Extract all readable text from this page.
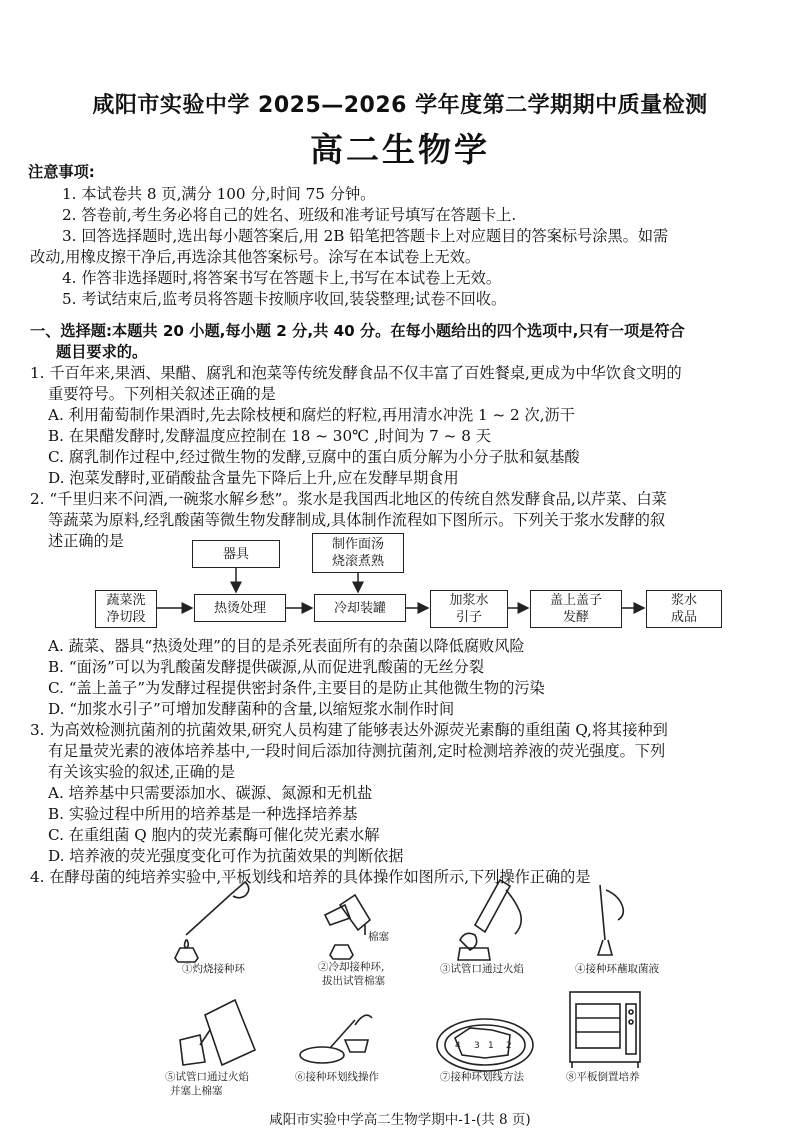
咸阳市实验中学 2025—2026 学年度第二学期期中质量检测
高二生物学
注意事项:
1. 本试卷共 8 页,满分 100 分,时间 75 分钟。
2. 答卷前,考生务必将自己的姓名、班级和准考证号填写在答题卡上.
3. 回答选择题时,选出每小题答案后,用 2B 铅笔把答题卡上对应题目的答案标号涂黑。如需
改动,用橡皮擦干净后,再选涂其他答案标号。涂写在本试卷上无效。
4. 作答非选择题时,将答案书写在答题卡上,书写在本试卷上无效。
5. 考试结束后,监考员将答题卡按顺序收回,装袋整理;试卷不回收。
一、选择题:本题共 20 小题,每小题 2 分,共 40 分。在每小题给出的四个选项中,只有一项是符合
题目要求的。
1. 千百年来,果酒、果醋、腐乳和泡菜等传统发酵食品不仅丰富了百姓餐桌,更成为中华饮食文明的
重要符号。下列相关叙述正确的是
A. 利用葡萄制作果酒时,先去除枝梗和腐烂的籽粒,再用清水冲洗 1 ~ 2 次,沥干
B. 在果醋发酵时,发酵温度应控制在 18 ~ 30℃ ,时间为 7 ~ 8 天
C. 腐乳制作过程中,经过微生物的发酵,豆腐中的蛋白质分解为小分子肽和氨基酸
D. 泡菜发酵时,亚硝酸盐含量先下降后上升,应在发酵早期食用
2. “千里归来不问酒,一碗浆水解乡愁”。浆水是我国西北地区的传统自然发酵食品,以芹菜、白菜
等蔬菜为原料,经乳酸菌等微生物发酵制成,具体制作流程如下图所示。下列关于浆水发酵的叙
述正确的是
器具
制作面汤
烧滚煮熟
蔬菜洗
净切段
热烫处理	冷却装罐	加浆水
引子
盖上盖子
发酵
浆水
成品
A. 蔬菜、器具“热烫处理”的目的是杀死表面所有的杂菌以降低腐败风险
B. “面汤”可以为乳酸菌发酵提供碳源,从而促进乳酸菌的无丝分裂
C. “盖上盖子”为发酵过程提供密封条件,主要目的是防止其他微生物的污染
D. “加浆水引子”可增加发酵菌种的含量,以缩短浆水制作时间
3. 为高效检测抗菌剂的抗菌效果,研究人员构建了能够表达外源荧光素酶的重组菌 Q,将其接种到
有足量荧光素的液体培养基中,一段时间后添加待测抗菌剂,定时检测培养液的荧光强度。下列
有关该实验的叙述,正确的是
A. 培养基中只需要添加水、碳源、氮源和无机盐
B. 实验过程中所用的培养基是一种选择培养基
C. 在重组菌 Q 胞内的荧光素酶可催化荧光素水解
D. 培养液的荧光强度变化可作为抗菌效果的判断依据
4. 在酵母菌的纯培养实验中,平板划线和培养的具体操作如图所示,下列操作正确的是
4 3 1 2
①灼烧接种环	②冷却接种环,
拔出试管棉塞
棉塞
③试管口通过火焰	④接种环蘸取菌液
⑤试管口通过火焰
并塞上棉塞
⑥接种环划线操作	⑦接种环划线方法	⑧平板倒置培养
咸阳市实验中学高二生物学期中-1-(共 8 页)
